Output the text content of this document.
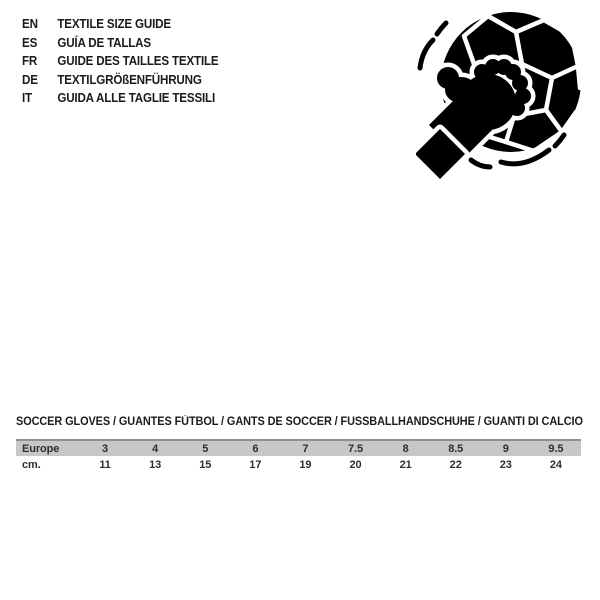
EN	TEXTILE SIZE GUIDE
ES	GUÍA DE TALLAS
FR	GUIDE DES TAILLES TEXTILE
DE	TEXTILGRÖßENFÜHRUNG
IT	GUIDA ALLE TAGLIE TESSILI
SOCCER GLOVES / GUANTES FÚTBOL / GANTS DE SOCCER / FUSSBALLHANDSCHUHE / GUANTI DI CALCIO
Europe	3	4	5	6	7	7.5	8	8.5	9	9.5
cm.	11	13	15	17	19	20	21	22	23	24
